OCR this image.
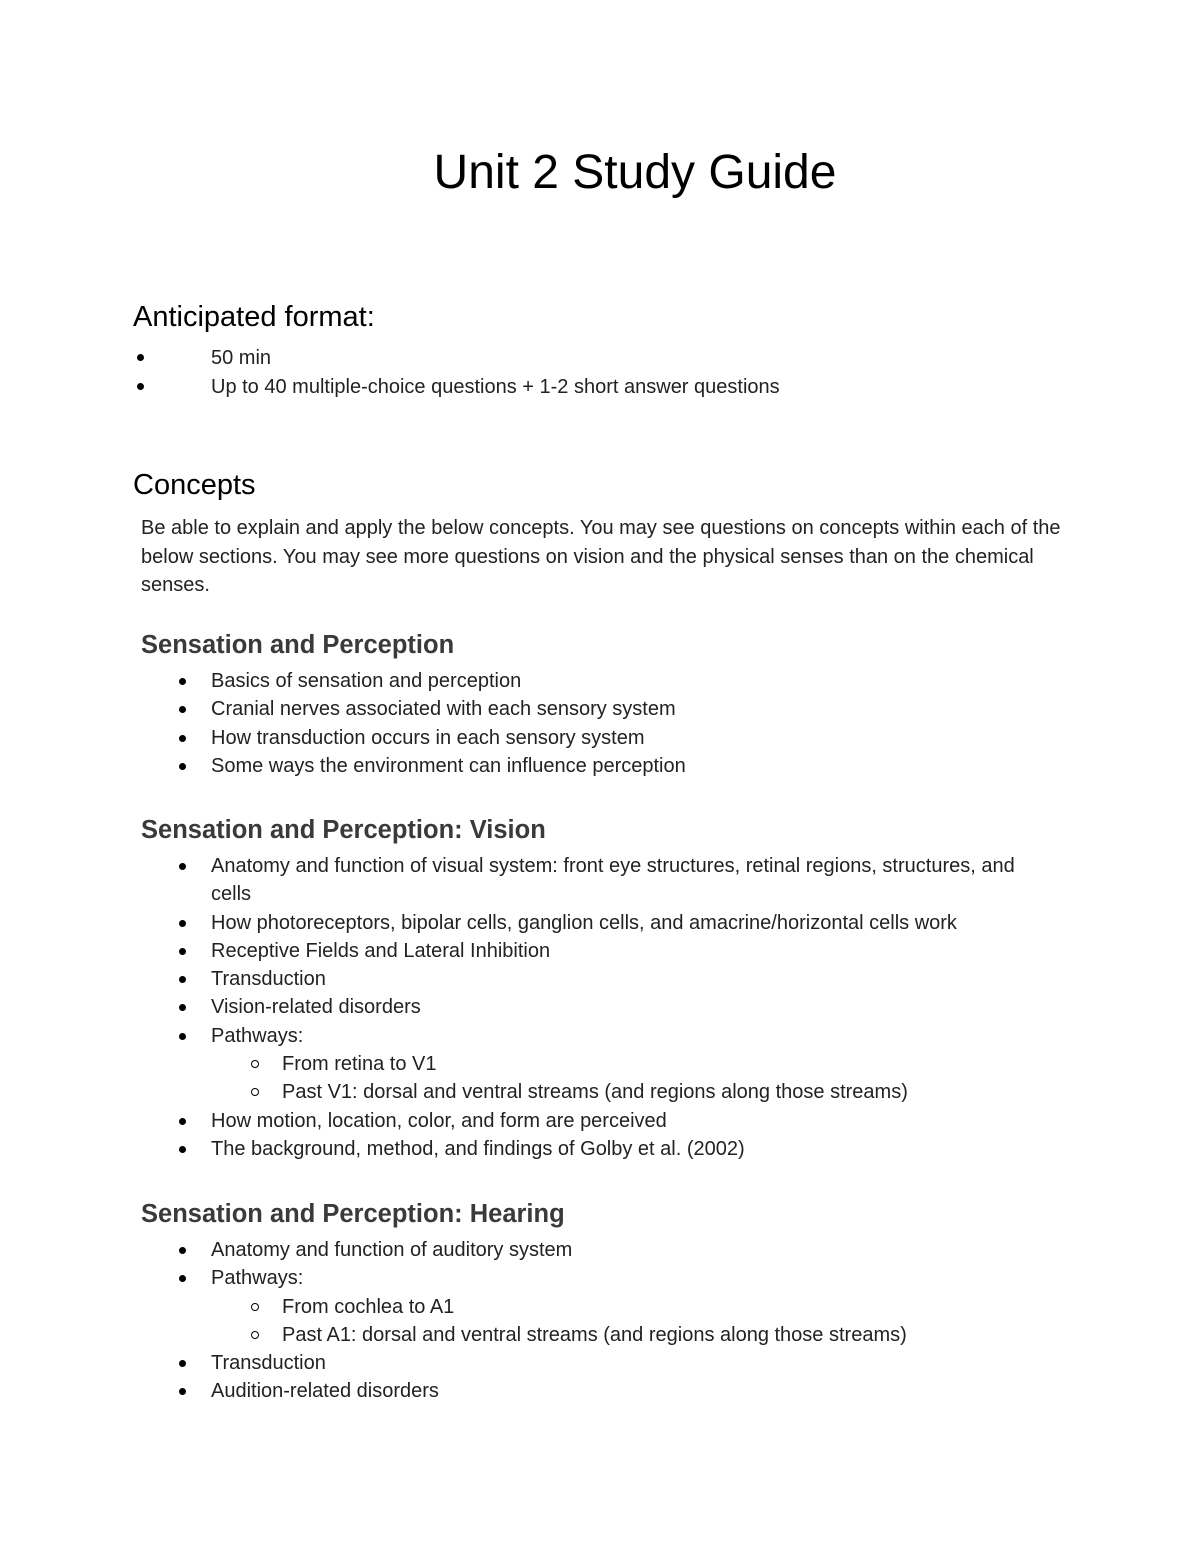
Unit 2 Study Guide
Anticipated format:
50 min
Up to 40 multiple-choice questions + 1-2 short answer questions
Concepts

Be able to explain and apply the below concepts. You may see questions on concepts within each of the below sections. You may see more questions on vision and the physical senses than on the chemical senses.

Sensation and Perception
Basics of sensation and perception
Cranial nerves associated with each sensory system
How transduction occurs in each sensory system
Some ways the environment can influence perception
Sensation and Perception: Vision
Anatomy and function of visual system: front eye structures, retinal regions, structures, and cells
How photoreceptors, bipolar cells, ganglion cells, and amacrine/horizontal cells work
Receptive Fields and Lateral Inhibition
Transduction
Vision-related disorders
Pathways:
From retina to V1
Past V1: dorsal and ventral streams (and regions along those streams)
How motion, location, color, and form are perceived
The background, method, and findings of Golby et al. (2002)
Sensation and Perception: Hearing
Anatomy and function of auditory system
Pathways:
From cochlea to A1
Past A1: dorsal and ventral streams (and regions along those streams)
Transduction
Audition-related disorders
